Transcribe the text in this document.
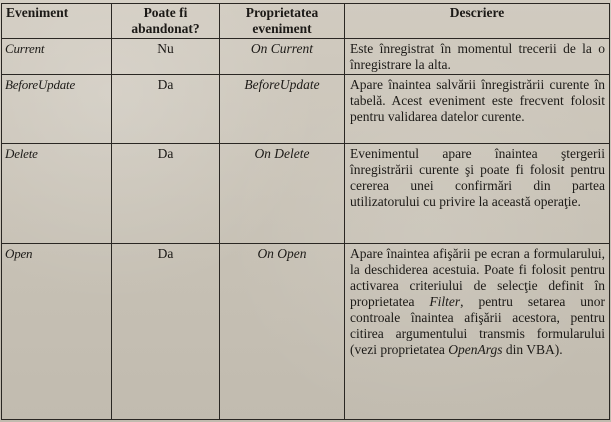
Eveniment	Poate fi abandonat?	Proprietatea eveniment	Descriere
Current	Nu	On Current	Este înregistrat în momentul trecerii de la o înregistrare la alta.
BeforeUpdate	Da	BeforeUpdate	Apare înaintea salvării înregistrării curente în tabelă. Acest eveniment este frecvent folosit pentru validarea datelor curente.
Delete	Da	On Delete	Evenimentul apare înaintea ştergerii înregistrării curente şi poate fi folosit pentru cererea unei confirmări din partea utilizatorului cu privire la această operaţie.
Open	Da	On Open	Apare înaintea afişării pe ecran a formularului, la deschiderea acestuia. Poate fi folosit pentru activarea criteriului de selecţie definit în proprietatea Filter, pentru setarea unor controale înaintea afişării acestora, pentru citirea argumentului transmis formularului (vezi proprietatea OpenArgs din VBA).
